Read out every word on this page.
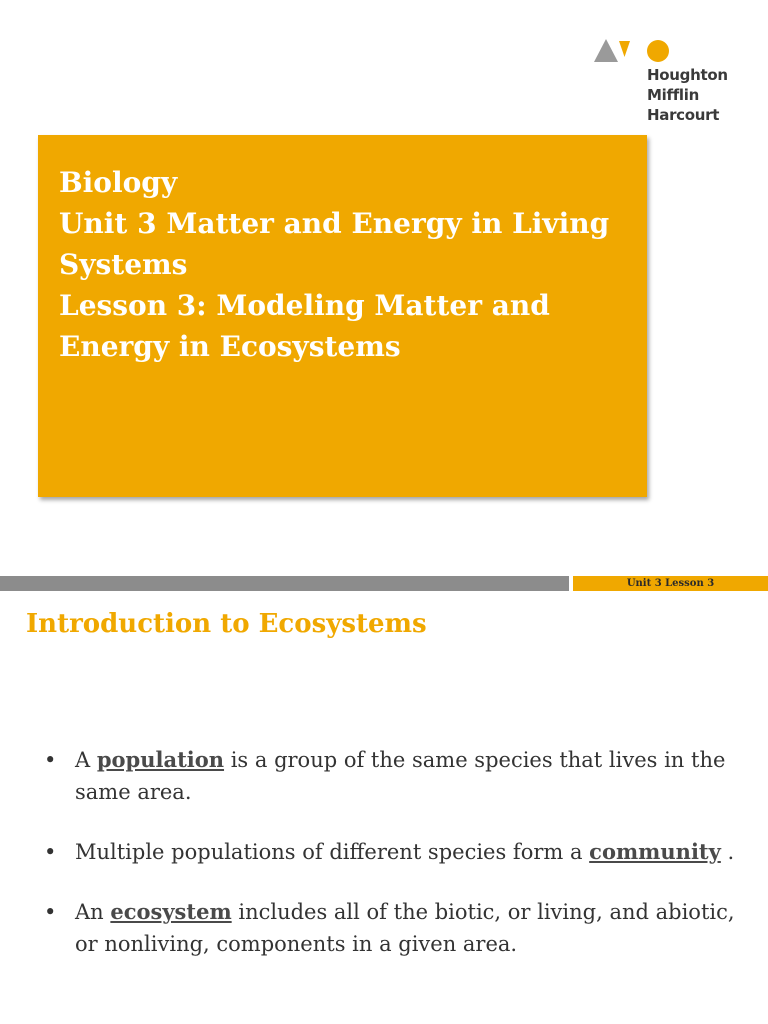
Houghton
Mifflin
Harcourt
Biology
Unit 3 Matter and Energy in Living Systems
Lesson 3: Modeling Matter and Energy in Ecosystems
Unit 3 Lesson 3
Introduction to Ecosystems
• A population is a group of the same species that lives in the same area.
• Multiple populations of different species form a community .
• An ecosystem includes all of the biotic, or living, and abiotic, or nonliving, components in a given area.
